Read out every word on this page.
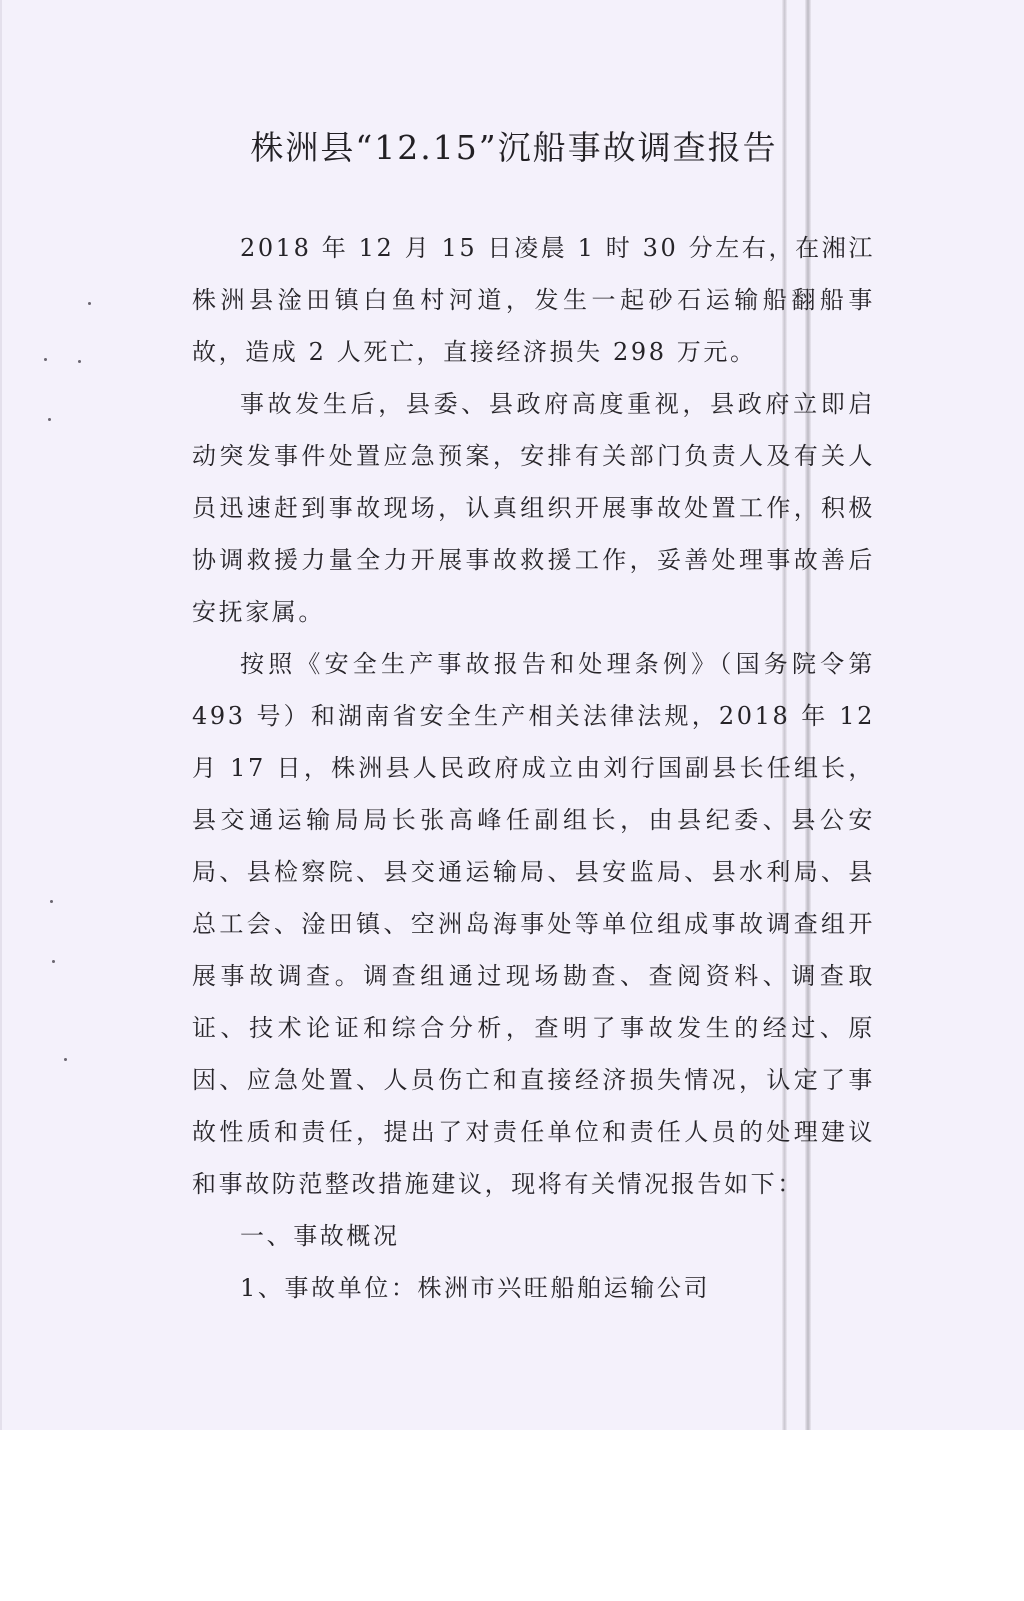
株洲县“12.15”沉船事故调查报告

2018 年 12 月 15 日凌晨 1 时 30 分左右，在湘江株洲县淦田镇白鱼村河道，发生一起砂石运输船翻船事故，造成 2 人死亡，直接经济损失 298 万元。

事故发生后，县委、县政府高度重视，县政府立即启动突发事件处置应急预案，安排有关部门负责人及有关人员迅速赶到事故现场，认真组织开展事故处置工作，积极协调救援力量全力开展事故救援工作，妥善处理事故善后安抚家属。

按照《安全生产事故报告和处理条例》（国务院令第 493 号）和湖南省安全生产相关法律法规，2018 年 12 月 17 日，株洲县人民政府成立由刘行国副县长任组长，县交通运输局局长张高峰任副组长，由县纪委、县公安局、县检察院、县交通运输局、县安监局、县水利局、县总工会、淦田镇、空洲岛海事处等单位组成事故调查组开展事故调查。调查组通过现场勘查、查阅资料、调查取证、技术论证和综合分析，查明了事故发生的经过、原因、应急处置、人员伤亡和直接经济损失情况，认定了事故性质和责任，提出了对责任单位和责任人员的处理建议和事故防范整改措施建议，现将有关情况报告如下：

一、事故概况

1、事故单位：株洲市兴旺船舶运输公司
